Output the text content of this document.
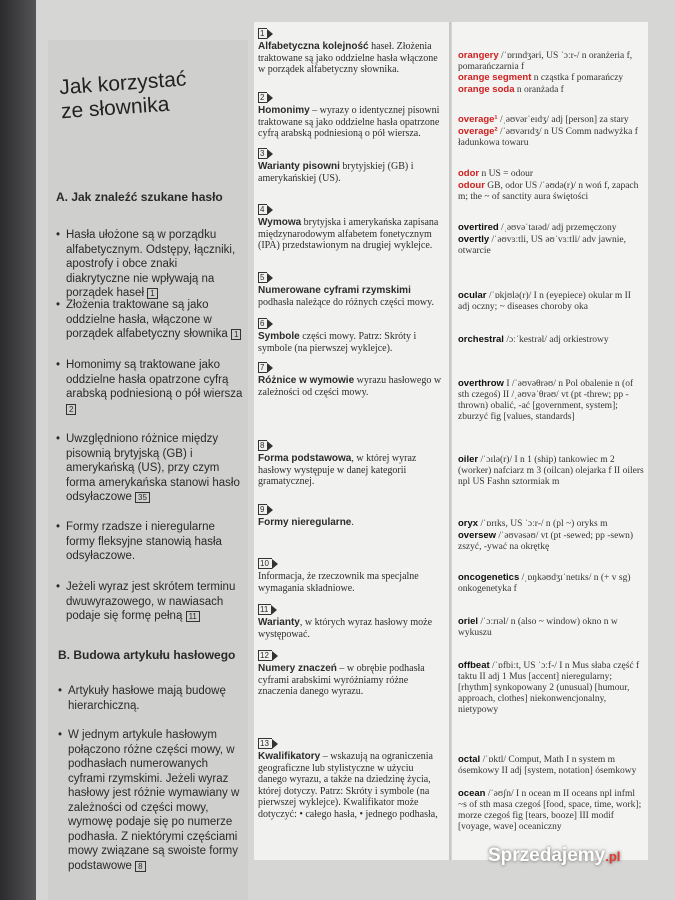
Jak korzystać
ze słownika
A. Jak znaleźć szukane hasło
• Hasła ułożone są w porządku alfabetycznym. Odstępy, łączniki, apostrofy i obce znaki diakrytyczne nie wpływają na porządek haseł 1
• Złożenia traktowane są jako oddzielne hasła, włączone w porządek alfabetyczny słownika 1
• Homonimy są traktowane jako oddzielne hasła opatrzone cyfrą arabską podniesioną o pół wiersza 2
• Uwzględniono różnice między pisownią brytyjską (GB) i amerykańską (US), przy czym forma amerykańska stanowi hasło odsyłaczowe 35
• Formy rzadsze i nieregularne formy fleksyjne stanowią hasła odsyłaczowe.
• Jeżeli wyraz jest skrótem terminu dwuwyrazowego, w nawiasach podaje się formę pełną 11
B. Budowa artykułu hasłowego
• Artykuły hasłowe mają budowę hierarchiczną.
• W jednym artykule hasłowym połączono różne części mowy, w podhasłach numerowanych cyframi rzymskimi. Jeżeli wyraz hasłowy jest różnie wymawiany w zależności od części mowy, wymowę podaje się po numerze podhasła. Z niektórymi częściami mowy związane są swoiste formy podstawowe 8
1
Alfabetyczna kolejność haseł. Złożenia traktowane są jako oddzielne hasła włączone w porządek alfabetyczny słownika.
2
Homonimy – wyrazy o identycznej pisowni traktowane są jako oddzielne hasła opatrzone cyfrą arabską podniesioną o pół wiersza.
3
Warianty pisowni brytyjskiej (GB) i amerykańskiej (US).
4
Wymowa brytyjska i amerykańska zapisana międzynarodowym alfabetem fonetycznym (IPA) przedstawionym na drugiej wyklejce.
5
Numerowane cyframi rzymskimi podhasła należące do różnych części mowy.
6
Symbole części mowy. Patrz: Skróty i symbole (na pierwszej wyklejce).
7
Różnice w wymowie wyrazu hasłowego w zależności od części mowy.
8
Forma podstawowa, w której wyraz hasłowy występuje w danej kategorii gramatycznej.
9
Formy nieregularne.
10
Informacja, że rzeczownik ma specjalne wymagania składniowe.
11
Warianty, w których wyraz hasłowy może występować.
12
Numery znaczeń – w obrębie podhasła cyframi arabskimi wyróżniamy różne znaczenia danego wyrazu.
13
Kwalifikatory – wskazują na ograniczenia geograficzne lub stylistyczne w użyciu danego wyrazu, a także na dziedzinę życia, której dotyczy. Patrz: Skróty i symbole (na pierwszej wyklejce). Kwalifikator może dotyczyć: • całego hasła, • jednego podhasła,
orangery /ˈɒrɪndʒəri, US ˈɔːr-/ n oranżeria f, pomarańczarnia f
orange segment n cząstka f pomarańczy
orange soda n oranżada f
overage¹ /ˌəʊvərˈeɪdʒ/ adj [person] za stary
overage² /ˈəʊvərɪdʒ/ n US Comm nadwyżka f ładunkowa towaru
odor n US = odour
odour GB, odor US /ˈəʊdə(r)/ n woń f, zapach m; the ~ of sanctity aura świętości
overtired /ˌəʊvəˈtaɪəd/ adj przemęczony
overtly /ˈəʊvɜːtli, US əʊˈvɜːtli/ adv jawnie, otwarcie
ocular /ˈɒkjʊlə(r)/ I n (eyepiece) okular m II adj oczny; ~ diseases choroby oka
orchestral /ɔːˈkestrəl/ adj orkiestrowy
overthrow I /ˈəʊvəθrəʊ/ n Pol obalenie n (of sth czegoś) II /ˌəʊvəˈθrəʊ/ vt (pt -threw; pp -thrown) obalić, -ać [government, system]; zburzyć fig [values, standards]
oiler /ˈɔɪlə(r)/ I n 1 (ship) tankowiec m 2 (worker) nafciarz m 3 (oilcan) olejarka f II oilers npl US Fashn sztormiak m
oryx /ˈɒrɪks, US ˈɔːr-/ n (pl ~) oryks m
oversew /ˈəʊvəsəʊ/ vt (pt -sewed; pp -sewn) zszyć, -ywać na okrętkę
oncogenetics /ˌɒŋkəʊdʒɪˈnetɪks/ n (+ v sg) onkogenetyka f
oriel /ˈɔːrɪəl/ n (also ~ window) okno n w wykuszu
offbeat /ˈɒfbiːt, US ˈɔːf-/ I n Mus słaba część f taktu II adj 1 Mus [accent] nieregularny; [rhythm] synkopowany 2 (unusual) [humour, approach, clothes] niekonwencjonalny, nietypowy
octal /ˈɒktl/ Comput, Math I n system m ósemkowy II adj [system, notation] ósemkowy
ocean /ˈəʊʃn/ I n ocean m II oceans npl infml ~s of sth masa czegoś [food, space, time, work]; morze czegoś fig [tears, booze] III modif [voyage, wave] oceaniczny
Sprzedajemy.pl
